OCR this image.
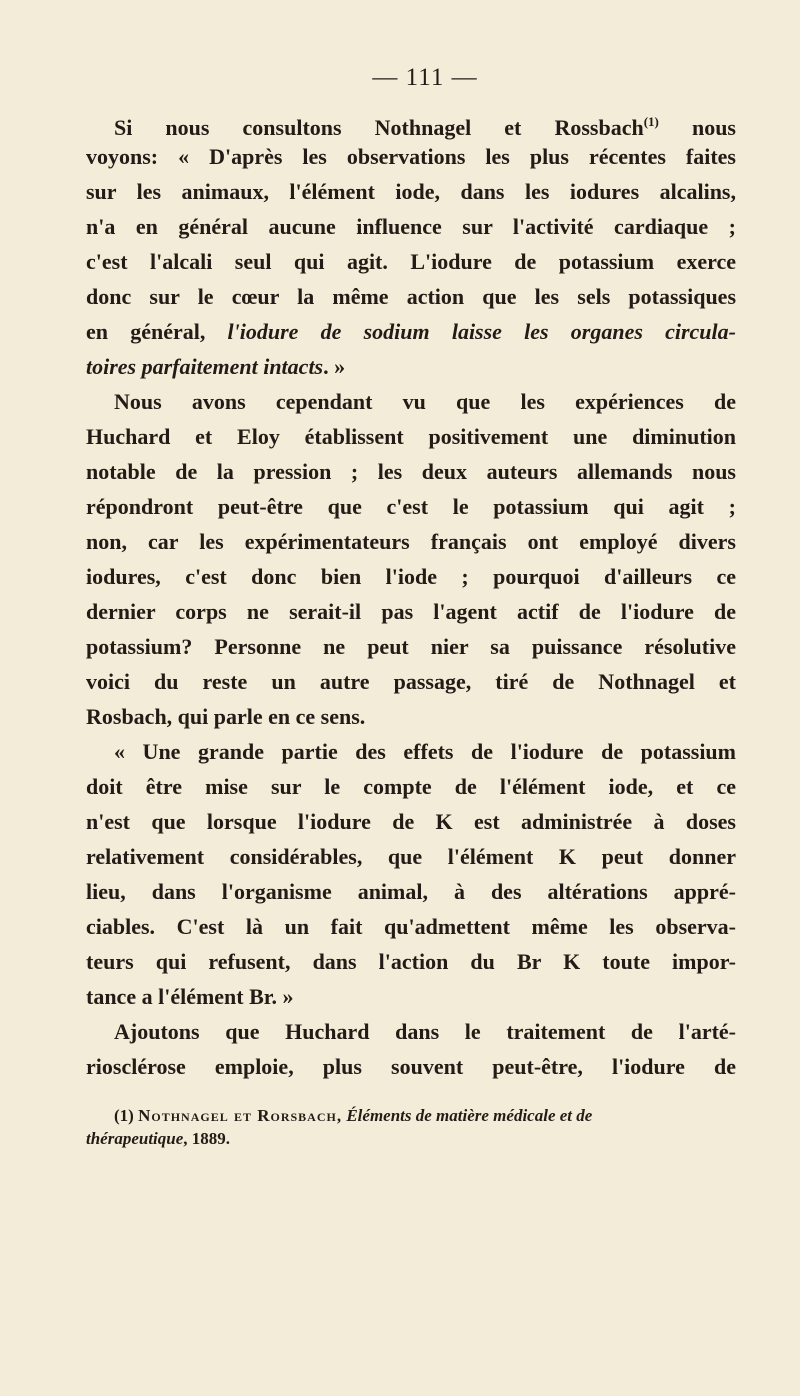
— 111 —
Si nous consultons Nothnagel et Rossbach$^{(1)}$ nous
voyons: « D'après les observations les plus récentes faites
sur les animaux, l'élément iode, dans les iodures alcalins,
n'a en général aucune influence sur l'activité cardiaque ;
c'est l'alcali seul qui agit. L'iodure de potassium exerce
donc sur le cœur la même action que les sels potassiques
en général, l'iodure de sodium laisse les organes circula-
toires parfaitement intacts. »
Nous avons cependant vu que les expériences de
Huchard et Eloy établissent positivement une diminution
notable de la pression ; les deux auteurs allemands nous
répondront peut-être que c'est le potassium qui agit ;
non, car les expérimentateurs français ont employé divers
iodures, c'est donc bien l'iode ; pourquoi d'ailleurs ce
dernier corps ne serait-il pas l'agent actif de l'iodure de
potassium? Personne ne peut nier sa puissance résolutive
voici du reste un autre passage, tiré de Nothnagel et
Rosbach, qui parle en ce sens.
« Une grande partie des effets de l'iodure de potassium
doit être mise sur le compte de l'élément iode, et ce
n'est que lorsque l'iodure de K est administrée à doses
relativement considérables, que l'élément K peut donner
lieu, dans l'organisme animal, à des altérations appré-
ciables. C'est là un fait qu'admettent même les observa-
teurs qui refusent, dans l'action du Br K toute impor-
tance a l'élément Br. »
Ajoutons que Huchard dans le traitement de l'arté-
riosclérose emploie, plus souvent peut-être, l'iodure de
(1) Nothnagel et Rorsbach, Éléments de matière médicale et de
thérapeutique, 1889.
